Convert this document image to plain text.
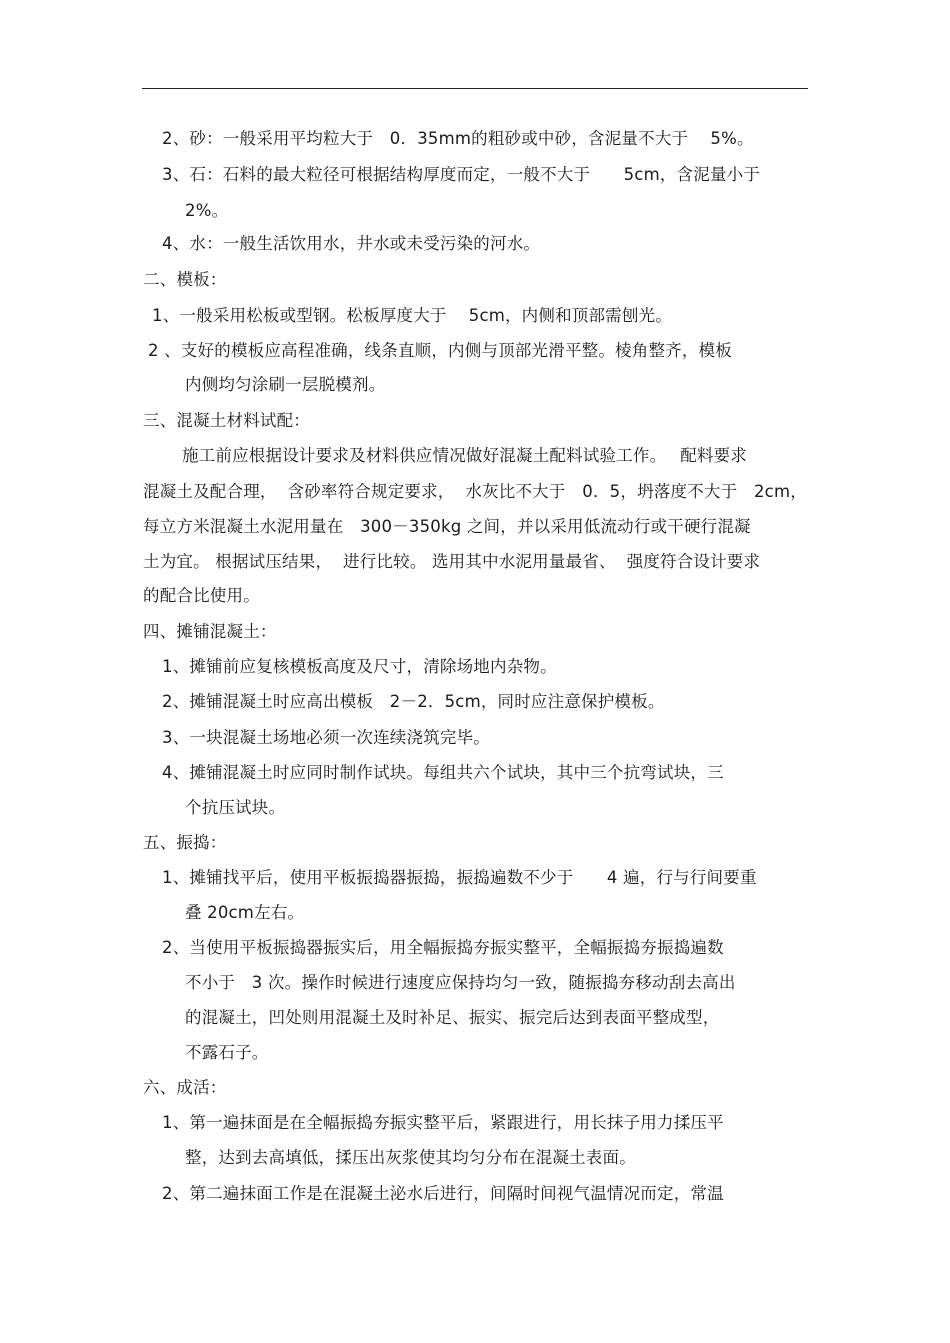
2、砂：一般采用平均粒大于　0．35mm的粗砂或中砂，含泥量不大于　 5%。
3、石：石料的最大粒径可根据结构厚度而定，一般不大于　　5cm，含泥量小于
2%。
4、水：一般生活饮用水，井水或未受污染的河水。
二、模板：
1、一般采用松板或型钢。松板厚度大于　 5cm，内侧和顶部需刨光。
2 、支好的模板应高程准确，线条直顺，内侧与顶部光滑平整。棱角整齐，模板
内侧均匀涂刷一层脱模剂。
三、混凝土材料试配：
施工前应根据设计要求及材料供应情况做好混凝土配料试验工作。　 配料要求
混凝土及配合理，  含砂率符合规定要求，  水灰比不大于　0．5，坍落度不大于　2cm，
每立方米混凝土水泥用量在　300－350kg 之间，并以采用低流动行或干硬行混凝
土为宜。 根据试压结果，  进行比较。 选用其中水泥用量最省、  强度符合设计要求
的配合比使用。
四、摊铺混凝土：
1、摊铺前应复核模板高度及尺寸，清除场地内杂物。
2、摊铺混凝土时应高出模板　2－2．5cm，同时应注意保护模板。
3、一块混凝土场地必须一次连续浇筑完毕。
4、摊铺混凝土时应同时制作试块。每组共六个试块，其中三个抗弯试块，三
个抗压试块。
五、振捣：
1、摊铺找平后，使用平板振捣器振捣，振捣遍数不少于　　4 遍，行与行间要重
叠 20cm左右。
2、当使用平板振捣器振实后，用全幅振捣夯振实整平，全幅振捣夯振捣遍数
不小于　3 次。操作时候进行速度应保持均匀一致，随振捣夯移动刮去高出
的混凝土，凹处则用混凝土及时补足、振实、振完后达到表面平整成型，
不露石子。
六、成活：
1、第一遍抹面是在全幅振捣夯振实整平后，紧跟进行，用长抹子用力揉压平
整，达到去高填低，揉压出灰浆使其均匀分布在混凝土表面。
2、第二遍抹面工作是在混凝土泌水后进行，间隔时间视气温情况而定，常温
